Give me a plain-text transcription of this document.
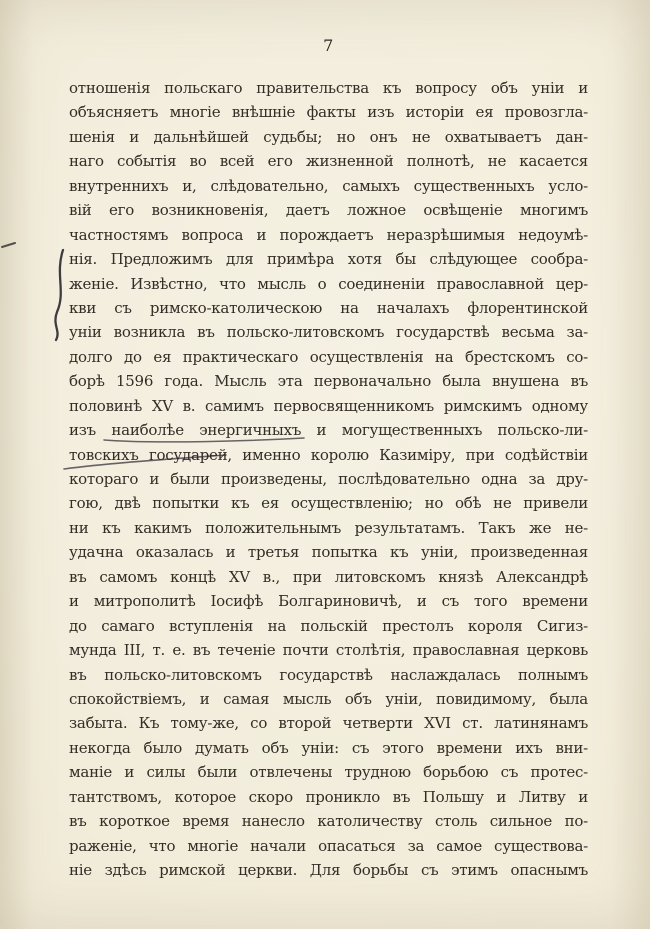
7
отношенія польскаго правительства къ вопросу объ уніи и
объясняетъ многіе внѣшніе факты изъ исторіи ея провозгла-
шенія и дальнѣйшей судьбы; но онъ не охватываетъ дан-
наго событія во всей его жизненной полнотѣ, не касается
внутреннихъ и, слѣдовательно, самыхъ существенныхъ усло-
вій его возникновенія, даетъ ложное освѣщеніе многимъ
частностямъ вопроса и порождаетъ неразрѣшимыя недоумѣ-
нія. Предложимъ для примѣра хотя бы слѣдующее сообра-
женіе. Извѣстно, что мысль о соединеніи православной цер-
кви съ римско-католическою на началахъ флорентинской
уніи возникла въ польско-литовскомъ государствѣ весьма за-
долго до ея практическаго осуществленія на брестскомъ со-
борѣ 1596 года. Мысль эта первоначально была внушена въ
половинѣ XV в. самимъ первосвященникомъ римскимъ одному
изъ наиболѣе энергичныхъ и могущественныхъ польско-ли-
товскихъ государей, именно королю Казиміру, при содѣйствіи
котораго и были произведены, послѣдовательно одна за дру-
гою, двѣ попытки къ ея осуществленію; но обѣ не привели
ни къ какимъ положительнымъ результатамъ. Такъ же не-
удачна оказалась и третья попытка къ уніи, произведенная
въ самомъ концѣ XV в., при литовскомъ князѣ Александрѣ
и митрополитѣ Іосифѣ Болгариновичѣ, и съ того времени
до самаго вступленія на польскій престолъ короля Сигиз-
мунда III, т. е. въ теченіе почти столѣтія, православная церковь
въ польско-литовскомъ государствѣ наслаждалась полнымъ
спокойствіемъ, и самая мысль объ уніи, повидимому, была
забыта. Къ тому-же, со второй четверти XVI ст. латинянамъ
некогда было думать объ уніи: съ этого времени ихъ вни-
маніе и силы были отвлечены трудною борьбою съ протес-
тантствомъ, которое скоро проникло въ Польшу и Литву и
въ короткое время нанесло католичеству столь сильное по-
раженіе, что многіе начали опасаться за самое существова-
ніе здѣсь римской церкви. Для борьбы съ этимъ опаснымъ
